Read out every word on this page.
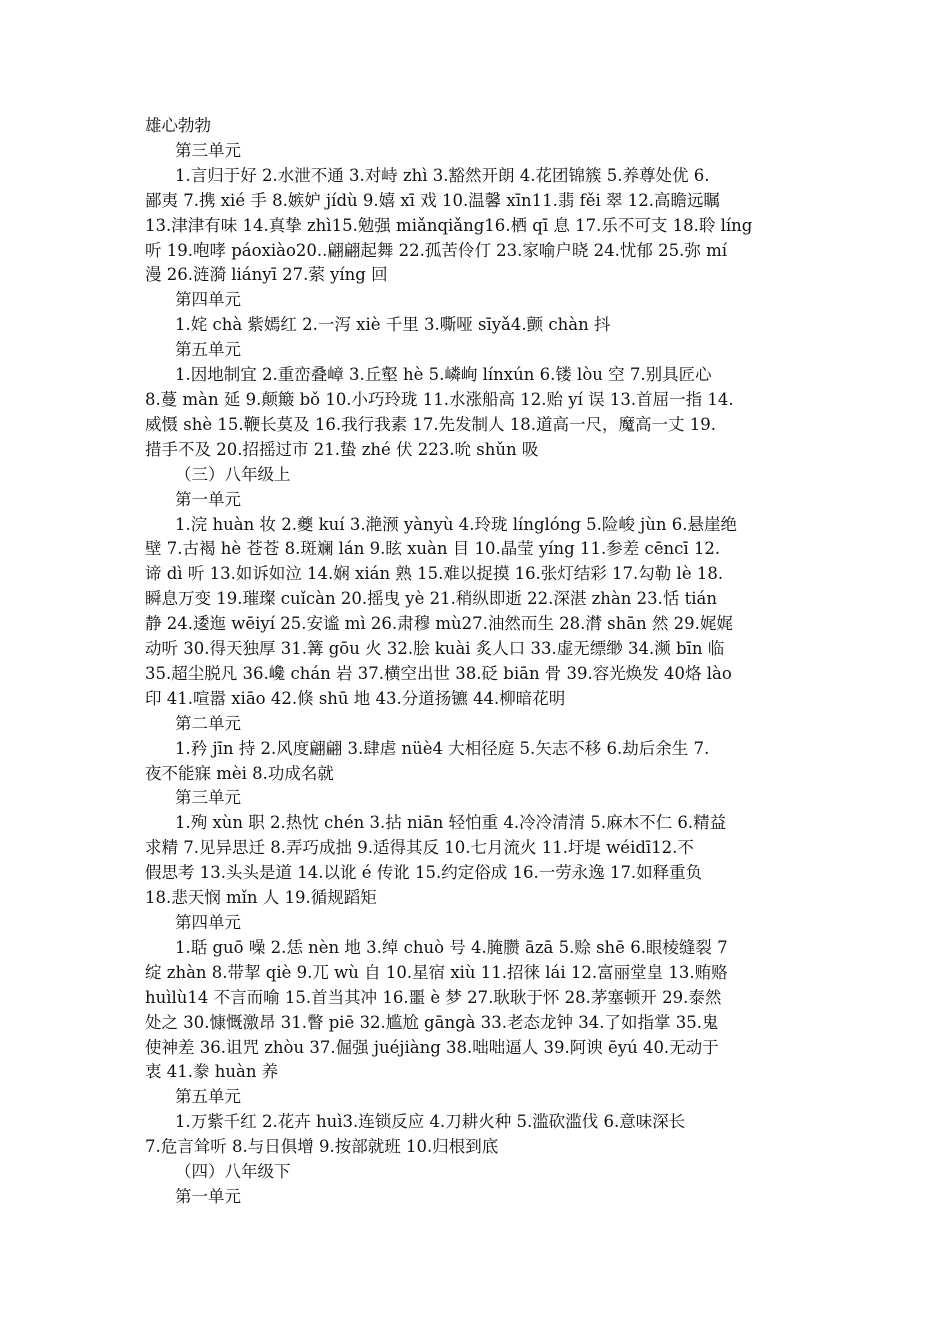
雄心勃勃
第三单元
1.言归于好 2.水泄不通 3.对峙 zhì 3.豁然开朗 4.花团锦簇 5.养尊处优 6.
鄙夷 7.携 xié 手 8.嫉妒 jídù 9.嬉 xī 戏 10.温馨 xīn11.翡 fěi 翠 12.高瞻远瞩
13.津津有味 14.真挚 zhì15.勉强 miǎnqiǎng16.栖 qī 息 17.乐不可支 18.聆 líng
听 19.咆哮 páoxiào20..翩翩起舞 22.孤苦伶仃 23.家喻户晓 24.忧郁 25.弥 mí
漫 26.涟漪 liányī 27.萦 yíng 回
第四单元
1.姹 chà 紫嫣红 2.一泻 xiè 千里 3.嘶哑 sīyǎ4.颤 chàn 抖
第五单元
1.因地制宜 2.重峦叠嶂 3.丘壑 hè 5.嶙峋 línxún 6.镂 lòu 空 7.别具匠心
8.蔓 màn 延 9.颠簸 bǒ 10.小巧玲珑 11.水涨船高 12.贻 yí 误 13.首屈一指 14.
威慑 shè 15.鞭长莫及 16.我行我素 17.先发制人 18.道高一尺，魔高一丈 19.
措手不及 20.招摇过市 21.蛰 zhé 伏 223.吮 shǔn 吸
（三）八年级上
第一单元
1.浣 huàn 妆 2.夔 kuí 3.滟滪 yànyù 4.玲珑 línglóng 5.险峻 jùn 6.悬崖绝
壁 7.古褐 hè 苍苍 8.斑斓 lán 9.眩 xuàn 目 10.晶莹 yíng 11.参差 cēncī 12.
谛 dì 听 13.如诉如泣 14.娴 xián 熟 15.难以捉摸 16.张灯结彩 17.勾勒 lè 18.
瞬息万变 19.璀璨 cuǐcàn 20.摇曳 yè 21.稍纵即逝 22.深湛 zhàn 23.恬 tián
静 24.逶迤 wēiyí 25.安谧 mì 26.肃穆 mù27.油然而生 28.潸 shān 然 29.娓娓
动听 30.得天独厚 31.篝 gōu 火 32.脍 kuài 炙人口 33.虚无缥缈 34.濒 bīn 临
35.超尘脱凡 36.巉 chán 岩 37.横空出世 38.砭 biān 骨 39.容光焕发 40烙 lào
印 41.喧嚣 xiāo 42.倏 shū 地 43.分道扬镳 44.柳暗花明
第二单元
1.矜 jīn 持 2.风度翩翩 3.肆虐 nüè4 大相径庭 5.矢志不移 6.劫后余生 7.
夜不能寐 mèi 8.功成名就
第三单元
1.殉 xùn 职 2.热忱 chén 3.拈 niān 轻怕重 4.冷冷清清 5.麻木不仁 6.精益
求精 7.见异思迁 8.弄巧成拙 9.适得其反 10.七月流火 11.圩堤 wéidī12.不
假思考 13.头头是道 14.以讹 é 传讹 15.约定俗成 16.一劳永逸 17.如释重负
18.悲天悯 mǐn 人 19.循规蹈矩
第四单元
1.聒 guō 噪 2.恁 nèn 地 3.绰 chuò 号 4.腌臜 āzā 5.赊 shē 6.眼棱缝裂 7
绽 zhàn 8.带挈 qiè 9.兀 wù 自 10.星宿 xiù 11.招徕 lái 12.富丽堂皇 13.贿赂
huìlù14 不言而喻 15.首当其冲 16.噩 è 梦 27.耿耿于怀 28.茅塞顿开 29.泰然
处之 30.慷慨激昂 31.瞥 piē 32.尴尬 gāngà 33.老态龙钟 34.了如指掌 35.鬼
使神差 36.诅咒 zhòu 37.倔强 juéjiàng 38.咄咄逼人 39.阿谀 ēyú 40.无动于
衷 41.豢 huàn 养
第五单元
1.万紫千红 2.花卉 huì3.连锁反应 4.刀耕火种 5.滥砍滥伐 6.意味深长
7.危言耸听 8.与日俱增 9.按部就班 10.归根到底
（四）八年级下
第一单元
